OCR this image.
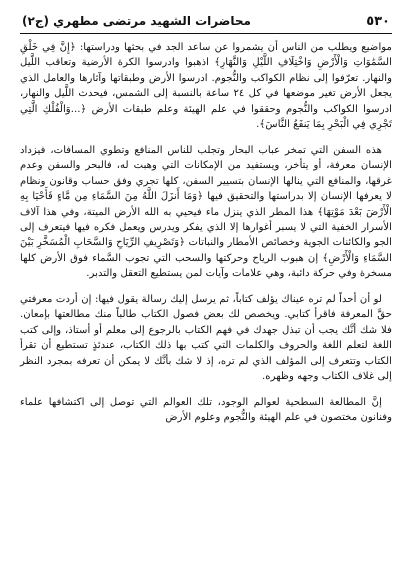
٥٣٠
محاضرات الشهيد مرتضى مطهري (ج٢)

مواضيع ويطلب من الناس أن يشمروا عن ساعد الجد في بحثها ودراستها: ﴿إِنَّ فِي خَلْقِ السَّمَٰوَاتِ وَالْأَرْضِ وَاخْتِلَافِ اللَّيْلِ وَالنَّهَارِ﴾ اذهبوا وادرسوا الكرة الأرضية وتعاقب اللَّيل والنهار. تعرّفوا إلى نظام الكواكب والنُّجوم. ادرسوا الأرض وطبقاتها وآثارها والعامل الذي يجعل الأرض تغير موضعها في كل ٢٤ ساعة بالنسبة إلى الشمس، فيحدث اللَّيل والنهار، ادرسوا الكواكب والنُّجوم وحققوا في علم الهيئة وعلم طبقات الأرض ﴿...وَالْفُلْكِ الَّتِي تَجْرِي فِي الْبَحْرِ بِمَا يَنفَعُ النَّاسَ﴾.

هذه السفن التي تمخر عباب البحار وتجلب للناس المنافع وتطوي المسافات، فيزداد الإنسان معرفة، أو يتأخر، ويستفيد من الإمكانات التي وهبت له، فالبحر والسفن وعدم غرقها، والمنافع التي ينالها الإنسان بتسيير السفن، كلها تجري وفق حساب وقانون ونظام لا يعرفها الإنسان إلا بدراستها والتحقيق فيها ﴿وَمَا أَنزَلَ اللَّهُ مِنَ السَّمَاءِ مِن مَّاءٍ فَأَحْيَا بِهِ الْأَرْضَ بَعْدَ مَوْتِهَا﴾ هذا المطر الذي ينزل ماء فيحيي به الله الأرض الميتة، وفي هذا آلاف الأسرار الخفية التي لا يسبر أغوارها إلا الذي يفكر ويدرس ويعمل فكره فيها فيتعرف إلى الجو والكائنات الجوية وخصائص الأمطار والنباتات ﴿وَتَصْرِيفِ الرِّيَاحِ وَالسَّحَابِ الْمُسَخَّرِ بَيْنَ السَّمَاءِ وَالْأَرْضِ﴾ إن هبوب الرياح وحركتها والسحب التي تجوب السَّماء فوق الأرض كلها مسخرة وفي حركة دائبة، وهي علامات وآيات لمن يستطيع التعقل والتدبر.

لو أن أحداً لم تره عيناك يؤلف كتاباً، ثم يرسل إليك رسالة يقول فيها: إن أردت معرفتي حقَّ المعرفة فاقرأ كتابي. ويخصص لك بعض فصول الكتاب طالباً منك مطالعتها بإمعان. فلا شك أنَّك يجب أن تبذل جهدك في فهم الكتاب بالرجوع إلى معلم أو أستاذ، وإلى كتب اللغة لتعلم اللغة والحروف والكلمات التي كتب بها ذلك الكتاب، عندئذٍ تستطيع أن تقرأ الكتاب وتتعرف إلى المؤلف الذي لم تره، إذ لا شك بأنَّك لا يمكن أن تعرفه بمجرد النظر إلى غلاف الكتاب وجهه وظهره.

إنَّ المطالعة السطحية لعوالم الوجود، تلك العوالم التي توصل إلى اكتشافها علماء وفنانون مختصون في علم الهيئة والنُّجوم وعلوم الأرض
